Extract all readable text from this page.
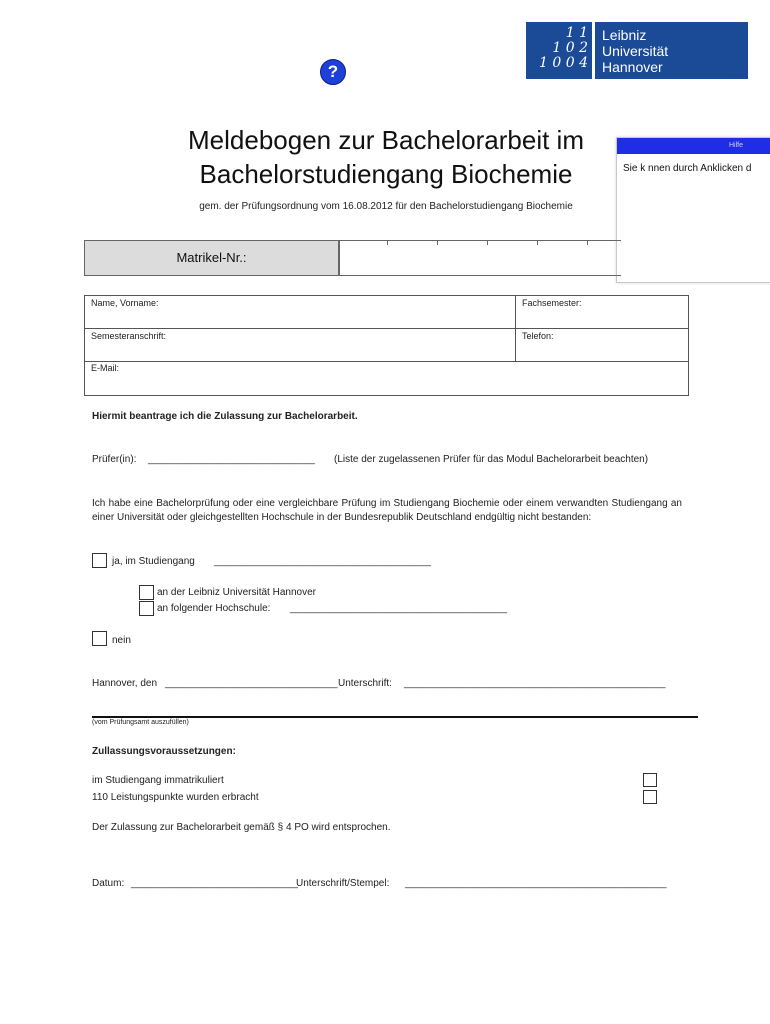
1 1
1 0 2
1 0 0 4
Leibniz
Universität
Hannover
?
Meldebogen zur Bachelorarbeit im
Bachelorstudiengang Biochemie
gem. der Prüfungsordnung vom 16.08.2012 für den Bachelorstudiengang Biochemie
Hilfe
Sie k nnen durch Anklicken d
Matrikel-Nr.:
Name, Vorname:	Fachsemester:
Semesteranschrift:	Telefon:
E-Mail:
Hiermit beantrage ich die Zulassung zur Bachelorarbeit.
Prüfer(in): ______________________________ (Liste der zugelassenen Prüfer für das Modul Bachelorarbeit beachten)
Ich habe eine Bachelorprüfung oder eine vergleichbare Prüfung im Studiengang Biochemie oder einem verwandten Studiengang an einer Universität oder gleichgestellten Hochschule in der Bundesrepublik Deutschland endgültig nicht bestanden:
ja, im Studiengang _______________________________________
an der Leibniz Universität Hannover
an folgender Hochschule: _______________________________________
nein
Hannover, den _______________________________ Unterschrift: _______________________________________________
(vom Prüfungsamt auszufüllen)
Zullassungsvoraussetzungen:
im Studiengang immatrikuliert
110 Leistungspunkte wurden erbracht
Der Zulassung zur Bachelorarbeit gemäß § 4 PO wird entsprochen.
Datum: ______________________________
Unterschrift/Stempel: _______________________________________________
